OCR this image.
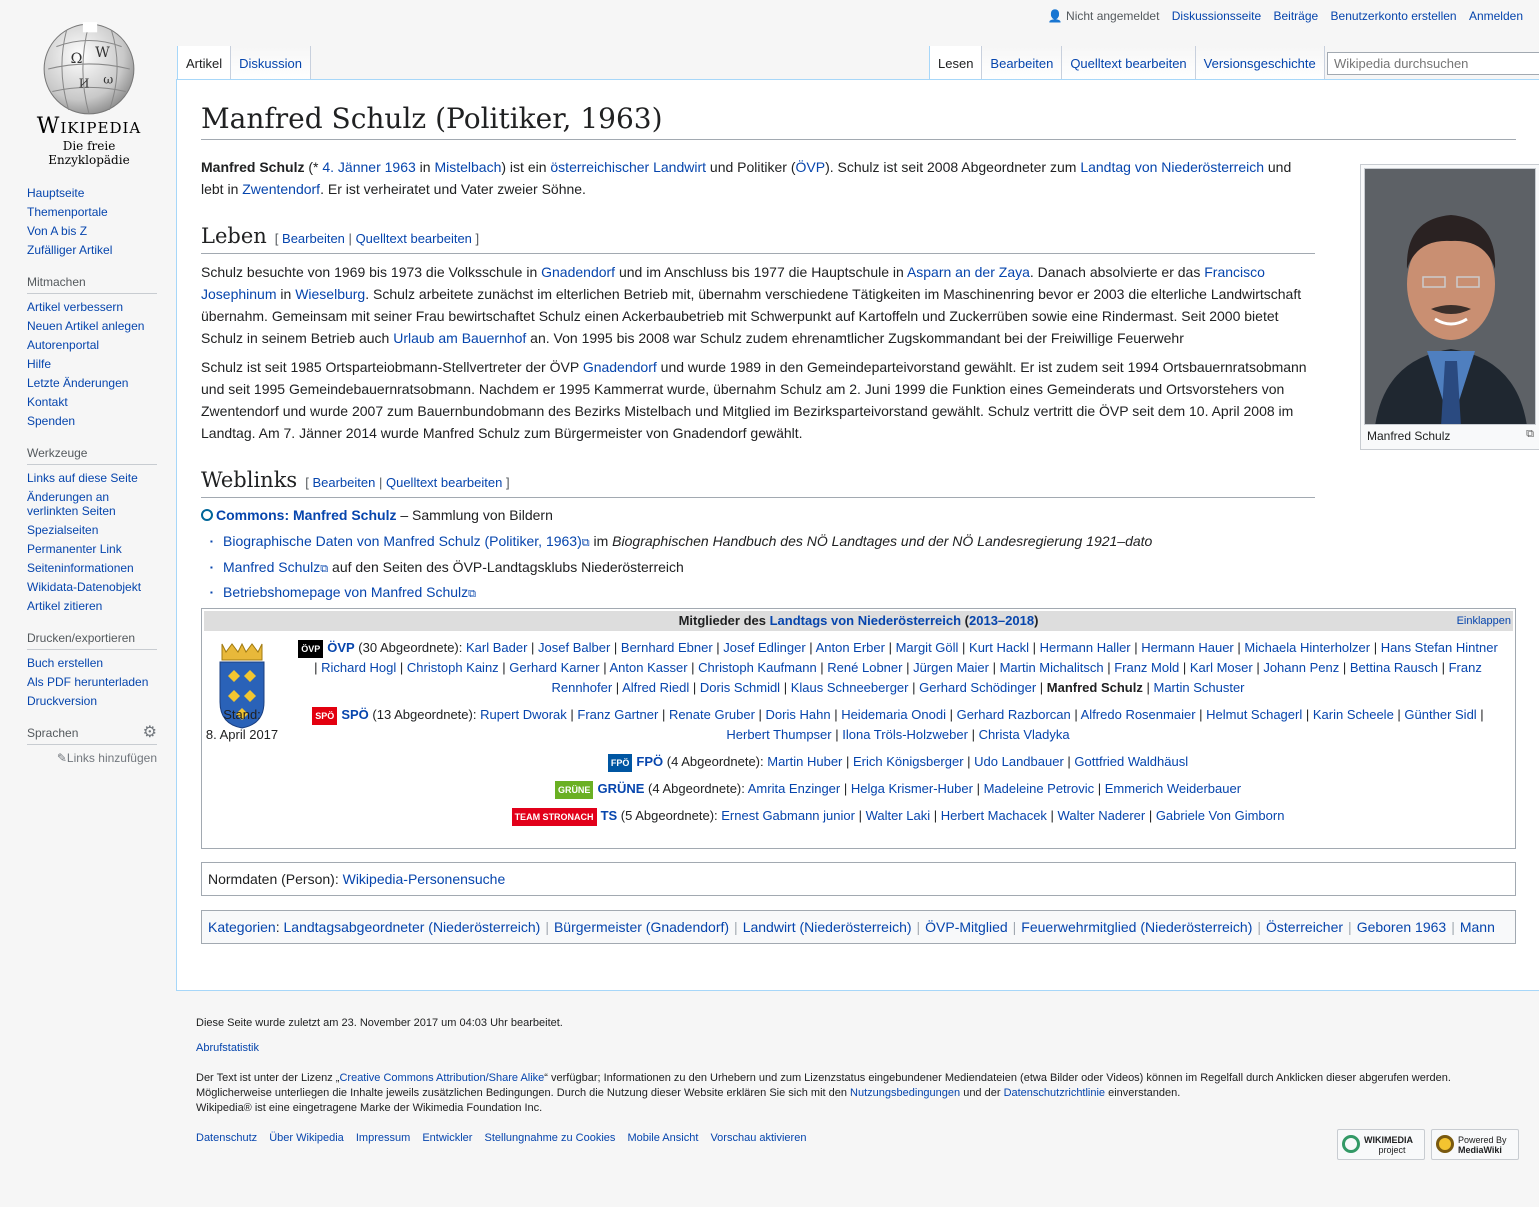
Ω W
И ω
Wikipedia
Die freie Enzyklopädie
Hauptseite
Themenportale
Von A bis Z
Zufälliger Artikel
Mitmachen
Artikel verbessern
Neuen Artikel anlegen
Autorenportal
Hilfe
Letzte Änderungen
Kontakt
Spenden
Werkzeuge
Links auf diese Seite
Änderungen an verlinkten Seiten
Spezialseiten
Permanenter Link
Seiteninformationen
Wikidata-Datenobjekt
Artikel zitieren
Drucken/exportieren
Buch erstellen
Als PDF herunterladen
Druckversion
Sprachen	⚙
✎Links hinzufügen
👤 Nicht angemeldet Diskussionsseite Beiträge Benutzerkonto erstellen Anmelden
Artikel	Diskussion	Lesen	Bearbeiten	Quelltext bearbeiten	Versionsgeschichte
Wikipedia durchsuchen
Manfred Schulz (Politiker, 1963)

Manfred Schulz (* 4. Jänner 1963 in Mistelbach) ist ein österreichischer Landwirt und Politiker (ÖVP). Schulz ist seit 2008 Abgeordneter zum Landtag von Niederösterreich und lebt in Zwentendorf. Er ist verheiratet und Vater zweier Söhne.

Manfred Schulz	⧉
Leben [ Bearbeiten | Quelltext bearbeiten ]

Schulz besuchte von 1969 bis 1973 die Volksschule in Gnadendorf und im Anschluss bis 1977 die Hauptschule in Asparn an der Zaya. Danach absolvierte er das Francisco Josephinum in Wieselburg. Schulz arbeitete zunächst im elterlichen Betrieb mit, übernahm verschiedene Tätigkeiten im Maschinenring bevor er 2003 die elterliche Landwirtschaft übernahm. Gemeinsam mit seiner Frau bewirtschaftet Schulz einen Ackerbaubetrieb mit Schwerpunkt auf Kartoffeln und Zuckerrüben sowie eine Rindermast. Seit 2000 bietet Schulz in seinem Betrieb auch Urlaub am Bauernhof an. Von 1995 bis 2008 war Schulz zudem ehrenamtlicher Zugskommandant bei der Freiwillige Feuerwehr

Schulz ist seit 1985 Ortsparteiobmann-Stellvertreter der ÖVP Gnadendorf und wurde 1989 in den Gemeindeparteivorstand gewählt. Er ist zudem seit 1994 Ortsbauernratsobmann und seit 1995 Gemeindebauernratsobmann. Nachdem er 1995 Kammerrat wurde, übernahm Schulz am 2. Juni 1999 die Funktion eines Gemeinderats und Ortsvorstehers von Zwentendorf und wurde 2007 zum Bauernbundobmann des Bezirks Mistelbach und Mitglied im Bezirksparteivorstand gewählt. Schulz vertritt die ÖVP seit dem 10. April 2008 im Landtag. Am 7. Jänner 2014 wurde Manfred Schulz zum Bürgermeister von Gnadendorf gewählt.

Weblinks [ Bearbeiten | Quelltext bearbeiten ]
Commons: Manfred Schulz – Sammlung von Bildern
▪ Biographische Daten von Manfred Schulz (Politiker, 1963)⧉ im Biographischen Handbuch des NÖ Landtages und der NÖ Landesregierung 1921–dato
▪ Manfred Schulz⧉ auf den Seiten des ÖVP-Landtagsklubs Niederösterreich
▪ Betriebshomepage von Manfred Schulz⧉
Mitglieder des Landtags von Niederösterreich (2013–2018)	Einklappen
Stand:
8. April 2017
ÖVP ÖVP (30 Abgeordnete): Karl Bader | Josef Balber | Bernhard Ebner | Josef Edlinger | Anton Erber | Margit Göll | Kurt Hackl | Hermann Haller | Hermann Hauer | Michaela Hinterholzer | Hans Stefan Hintner | Richard Hogl | Christoph Kainz | Gerhard Karner | Anton Kasser | Christoph Kaufmann | René Lobner | Jürgen Maier | Martin Michalitsch | Franz Mold | Karl Moser | Johann Penz | Bettina Rausch | Franz Rennhofer | Alfred Riedl | Doris Schmidl | Klaus Schneeberger | Gerhard Schödinger | Manfred Schulz | Martin Schuster
SPÖ SPÖ (13 Abgeordnete): Rupert Dworak | Franz Gartner | Renate Gruber | Doris Hahn | Heidemaria Onodi | Gerhard Razborcan | Alfredo Rosenmaier | Helmut Schagerl | Karin Scheele | Günther Sidl | Herbert Thumpser | Ilona Tröls-Holzweber | Christa Vladyka
FPÖ FPÖ (4 Abgeordnete): Martin Huber | Erich Königsberger | Udo Landbauer | Gottfried Waldhäusl
GRÜNE GRÜNE (4 Abgeordnete): Amrita Enzinger | Helga Krismer-Huber | Madeleine Petrovic | Emmerich Weiderbauer
TEAM STRONACH TS (5 Abgeordnete): Ernest Gabmann junior | Walter Laki | Herbert Machacek | Walter Naderer | Gabriele Von Gimborn
Normdaten (Person): Wikipedia-Personensuche
Kategorien: Landtagsabgeordneter (Niederösterreich) | Bürgermeister (Gnadendorf) | Landwirt (Niederösterreich) | ÖVP-Mitglied | Feuerwehrmitglied (Niederösterreich) | Österreicher | Geboren 1963 | Mann
Diese Seite wurde zuletzt am 23. November 2017 um 04:03 Uhr bearbeitet.
Abrufstatistik
Der Text ist unter der Lizenz „Creative Commons Attribution/Share Alike“ verfügbar; Informationen zu den Urhebern und zum Lizenzstatus eingebundener Mediendateien (etwa Bilder oder Videos) können im Regelfall durch Anklicken dieser abgerufen werden.
Möglicherweise unterliegen die Inhalte jeweils zusätzlichen Bedingungen. Durch die Nutzung dieser Website erklären Sie sich mit den Nutzungsbedingungen und der Datenschutzrichtlinie einverstanden.
Wikipedia® ist eine eingetragene Marke der Wikimedia Foundation Inc.
Datenschutz Über Wikipedia Impressum Entwickler Stellungnahme zu Cookies Mobile Ansicht Vorschau aktivieren	WIKIMEDIA
project
Powered By
MediaWiki
